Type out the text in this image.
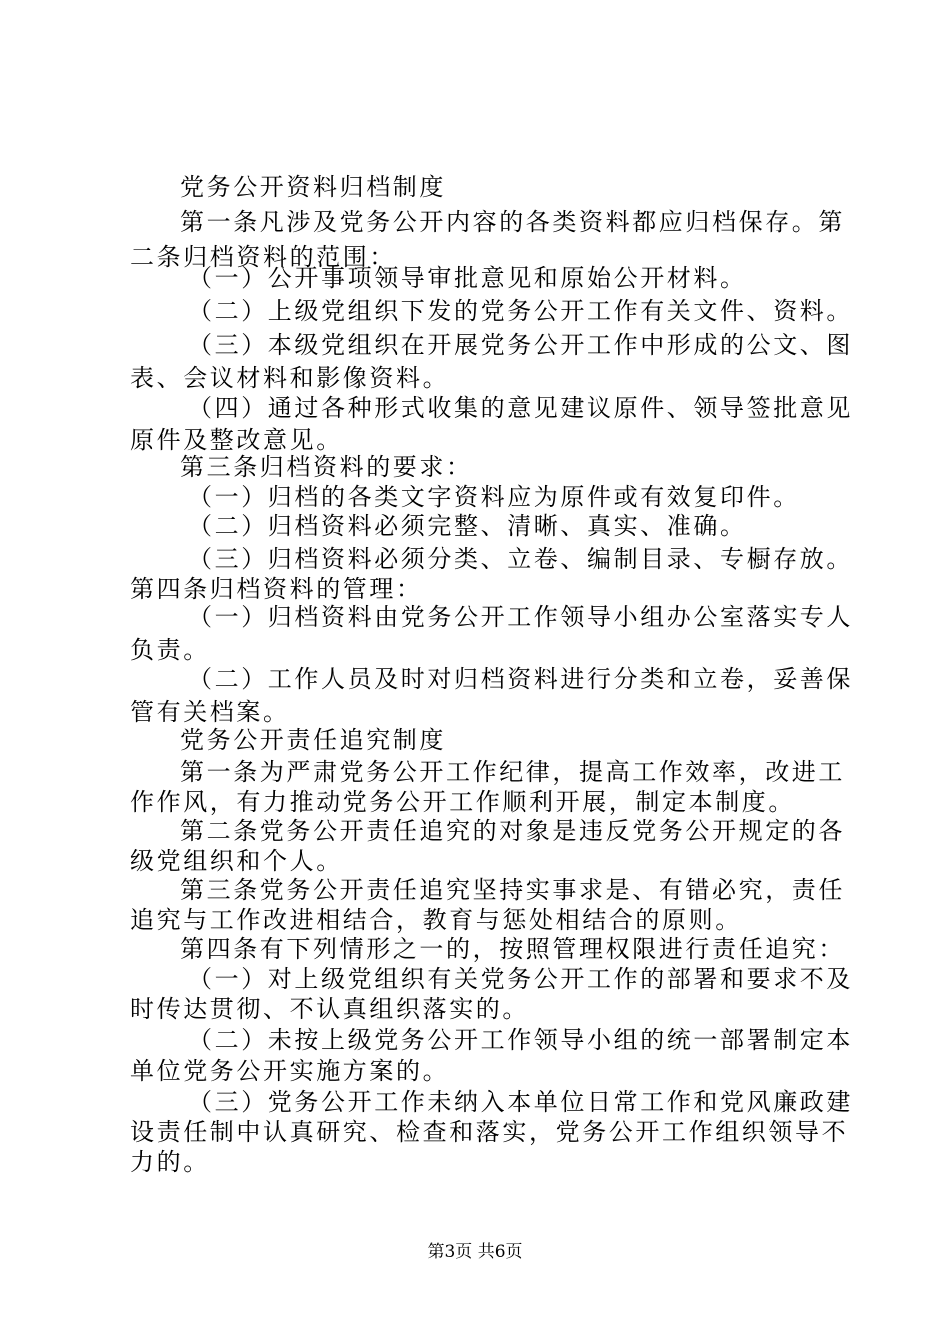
党务公开资料归档制度
第一条凡涉及党务公开内容的各类资料都应归档保存。第
二条归档资料的范围：
（一）公开事项领导审批意见和原始公开材料。
（二）上级党组织下发的党务公开工作有关文件、资料。
（三）本级党组织在开展党务公开工作中形成的公文、图
表、会议材料和影像资料。
（四）通过各种形式收集的意见建议原件、领导签批意见
原件及整改意见。
第三条归档资料的要求：
（一）归档的各类文字资料应为原件或有效复印件。
（二）归档资料必须完整、清晰、真实、准确。
（三）归档资料必须分类、立卷、编制目录、专橱存放。
第四条归档资料的管理：
（一）归档资料由党务公开工作领导小组办公室落实专人
负责。
（二）工作人员及时对归档资料进行分类和立卷，妥善保
管有关档案。
党务公开责任追究制度
第一条为严肃党务公开工作纪律，提高工作效率，改进工
作作风，有力推动党务公开工作顺利开展，制定本制度。
第二条党务公开责任追究的对象是违反党务公开规定的各
级党组织和个人。
第三条党务公开责任追究坚持实事求是、有错必究，责任
追究与工作改进相结合，教育与惩处相结合的原则。
第四条有下列情形之一的，按照管理权限进行责任追究：
（一）对上级党组织有关党务公开工作的部署和要求不及
时传达贯彻、不认真组织落实的。
（二）未按上级党务公开工作领导小组的统一部署制定本
单位党务公开实施方案的。
（三）党务公开工作未纳入本单位日常工作和党风廉政建
设责任制中认真研究、检查和落实，党务公开工作组织领导不
力的。
第3页 共6页
